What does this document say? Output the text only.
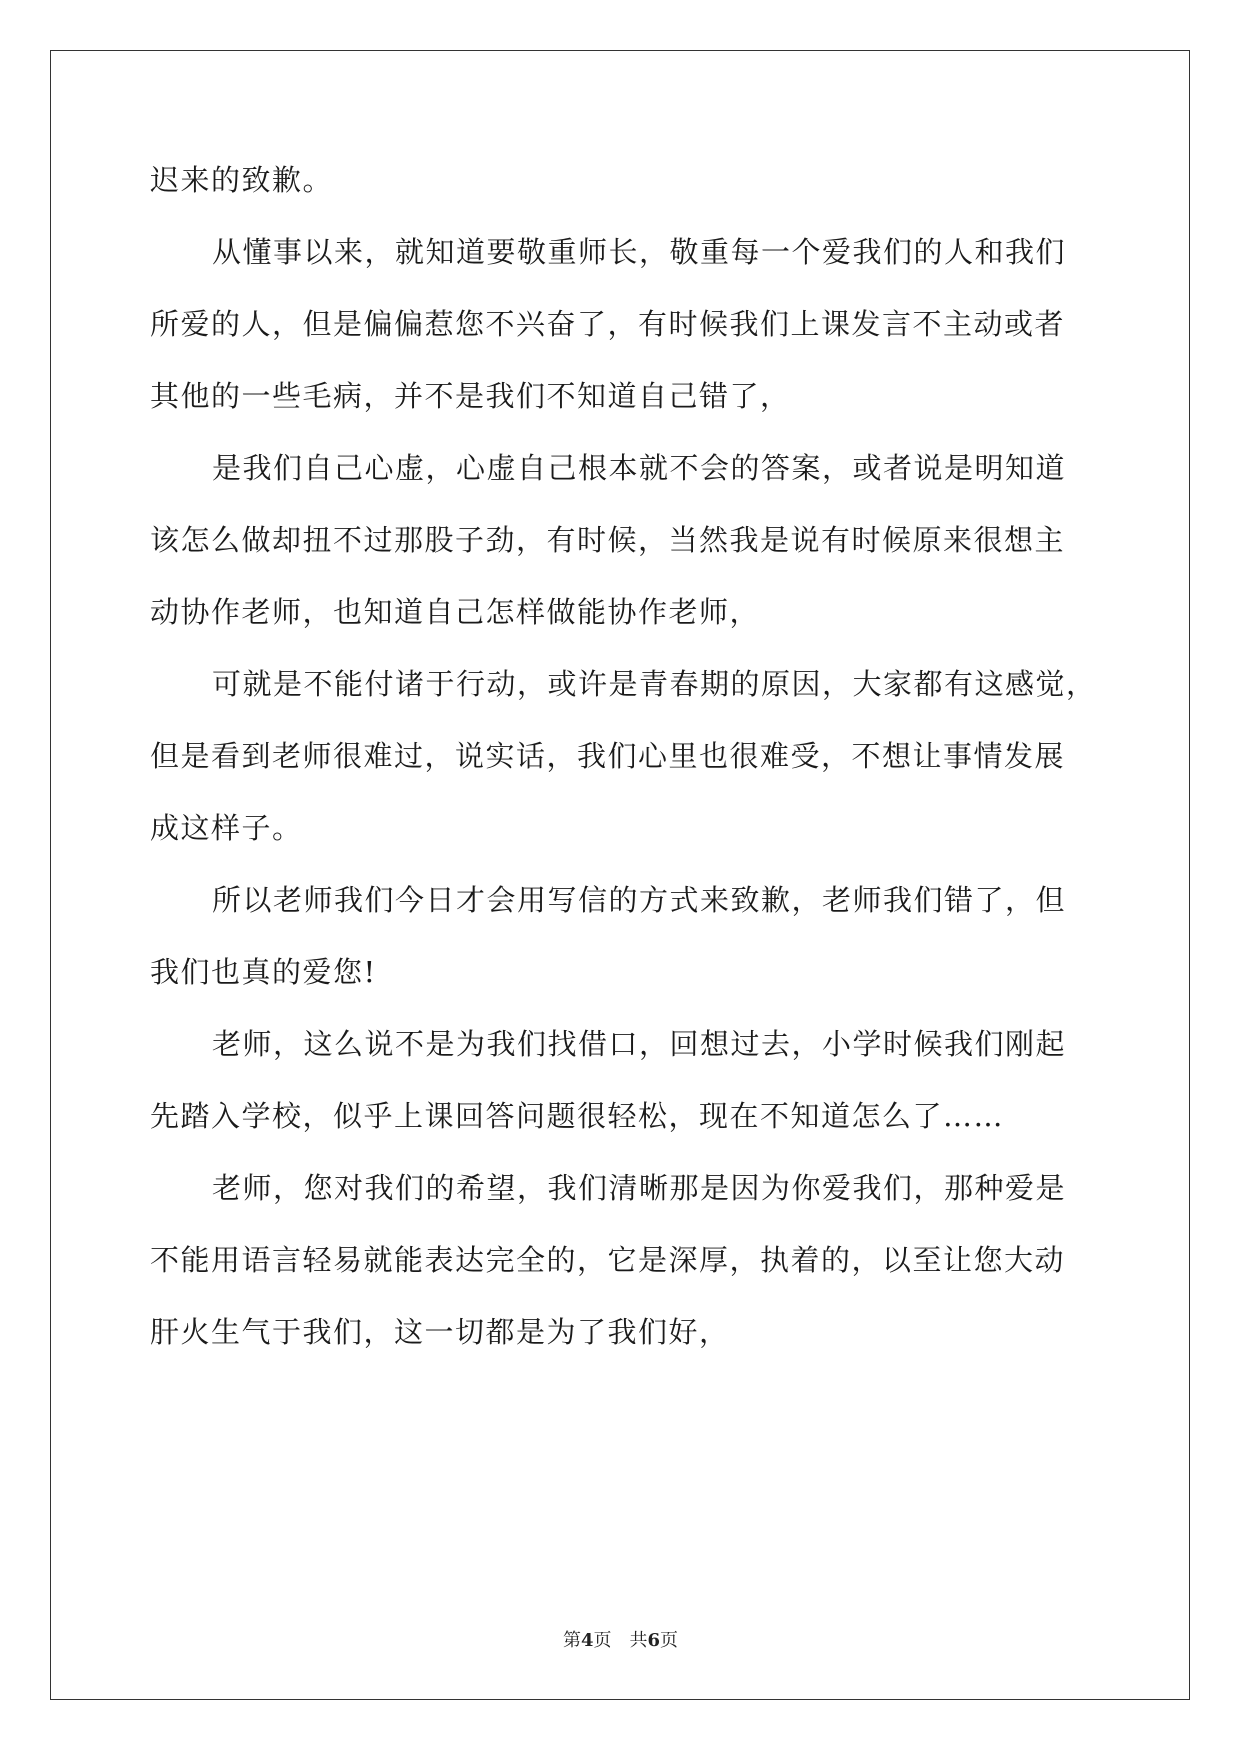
迟来的致歉。
从懂事以来，就知道要敬重师长，敬重每一个爱我们的人和我们
所爱的人，但是偏偏惹您不兴奋了，有时候我们上课发言不主动或者
其他的一些毛病，并不是我们不知道自己错了，
是我们自己心虚，心虚自己根本就不会的答案，或者说是明知道
该怎么做却扭不过那股子劲，有时候，当然我是说有时候原来很想主
动协作老师，也知道自己怎样做能协作老师，
可就是不能付诸于行动，或许是青春期的原因，大家都有这感觉，
但是看到老师很难过，说实话，我们心里也很难受，不想让事情发展
成这样子。
所以老师我们今日才会用写信的方式来致歉，老师我们错了，但
我们也真的爱您!
老师，这么说不是为我们找借口，回想过去，小学时候我们刚起
先踏入学校，似乎上课回答问题很轻松，现在不知道怎么了……
老师，您对我们的希望，我们清晰那是因为你爱我们，那种爱是
不能用语言轻易就能表达完全的，它是深厚，执着的，以至让您大动
肝火生气于我们，这一切都是为了我们好，
第4页 共6页
